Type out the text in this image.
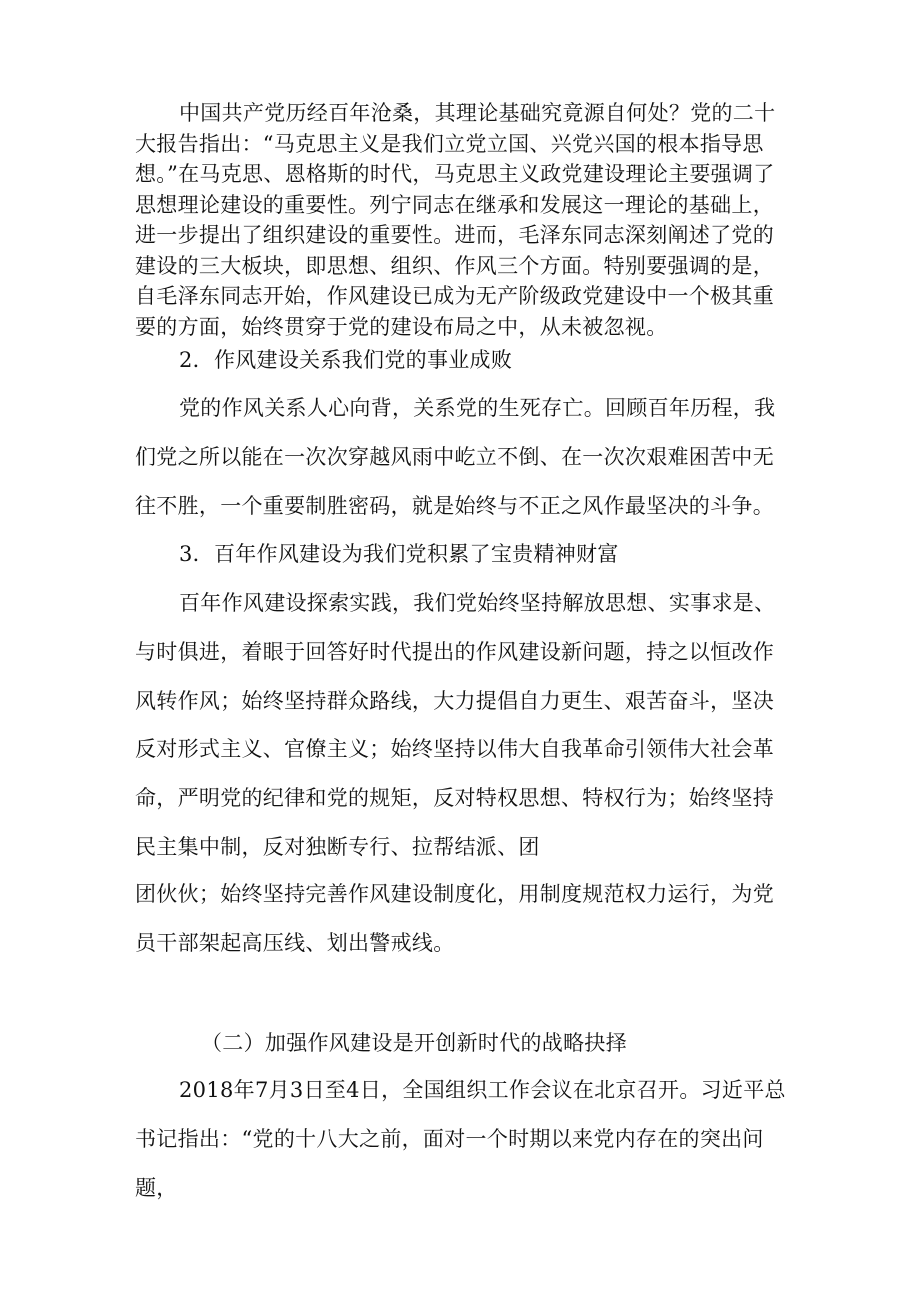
中国共产党历经百年沧桑，其理论基础究竟源自何处？党的二十大报告指出：“马克思主义是我们立党立国、兴党兴国的根本指导思想。”在马克思、恩格斯的时代，马克思主义政党建设理论主要强调了思想理论建设的重要性。列宁同志在继承和发展这一理论的基础上，进一步提出了组织建设的重要性。进而，毛泽东同志深刻阐述了党的建设的三大板块，即思想、组织、作风三个方面。特别要强调的是，自毛泽东同志开始，作风建设已成为无产阶级政党建设中一个极其重要的方面，始终贯穿于党的建设布局之中，从未被忽视。

2．作风建设关系我们党的事业成败

党的作风关系人心向背，关系党的生死存亡。回顾百年历程，我们党之所以能在一次次穿越风雨中屹立不倒、在一次次艰难困苦中无往不胜，一个重要制胜密码，就是始终与不正之风作最坚决的斗争。

3．百年作风建设为我们党积累了宝贵精神财富

百年作风建设探索实践，我们党始终坚持解放思想、实事求是、与时俱进，着眼于回答好时代提出的作风建设新问题，持之以恒改作风转作风；始终坚持群众路线，大力提倡自力更生、艰苦奋斗，坚决反对形式主义、官僚主义；始终坚持以伟大自我革命引领伟大社会革命，严明党的纪律和党的规矩，反对特权思想、特权行为；始终坚持民主集中制，反对独断专行、拉帮结派、团

团伙伙；始终坚持完善作风建设制度化，用制度规范权力运行，为党员干部架起高压线、划出警戒线。

（二）加强作风建设是开创新时代的战略抉择

2018年7月3日至4日，全国组织工作会议在北京召开。习近平总书记指出：“党的十八大之前，面对一个时期以来党内存在的突出问题，
